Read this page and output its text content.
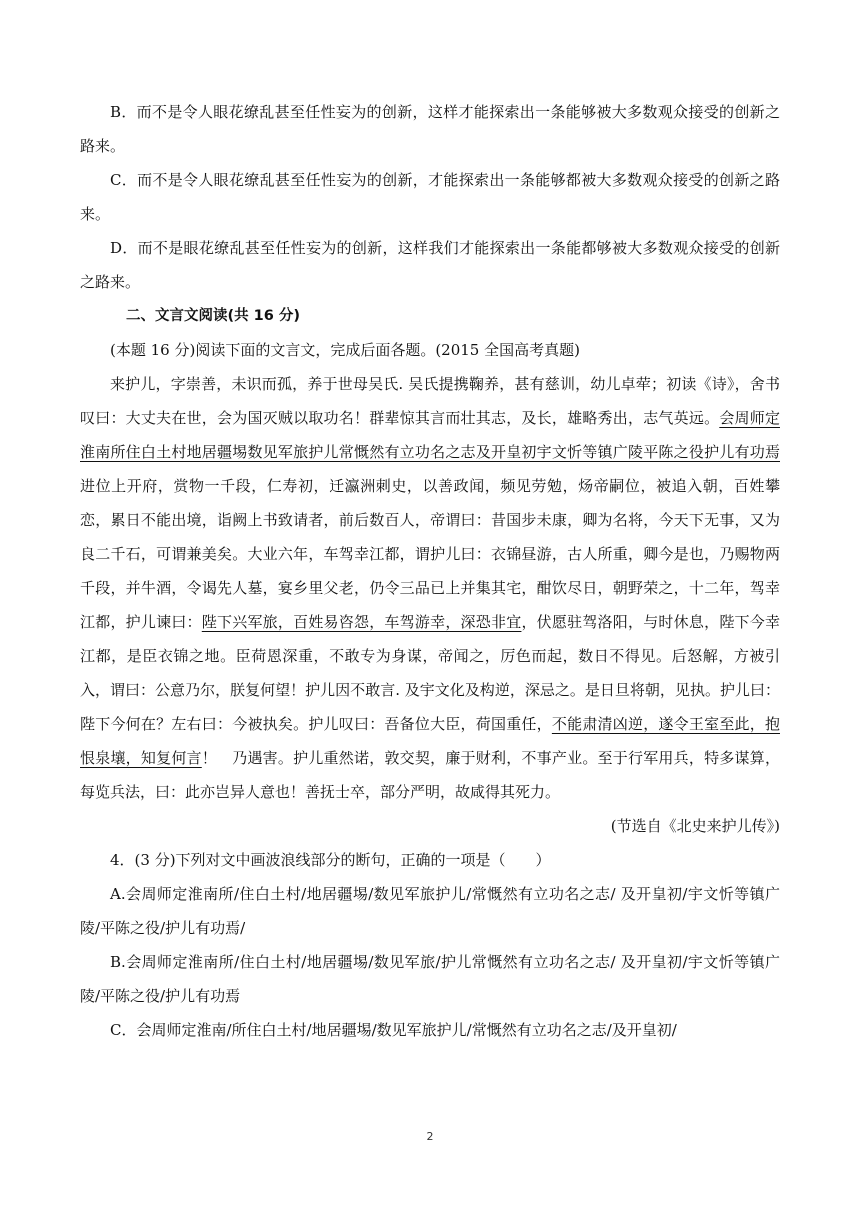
B．而不是令人眼花缭乱甚至任性妄为的创新，这样才能探索出一条能够被大多数观众接受的创新之路来。

C．而不是令人眼花缭乱甚至任性妄为的创新，才能探索出一条能够都被大多数观众接受的创新之路来。

D．而不是眼花缭乱甚至任性妄为的创新，这样我们才能探索出一条能都够被大多数观众接受的创新之路来。

二、文言文阅读(共 16 分)

(本题 16 分)阅读下面的文言文，完成后面各题。(2015 全国高考真题)

来护儿，字崇善，未识而孤，养于世母吴氏. 吴氏提携鞠养，甚有慈训，幼儿卓荦；初读《诗》，舍书叹曰：大丈夫在世，会为国灭贼以取功名！群辈惊其言而壮其志，及长，雄略秀出，志气英远。会周师定淮南所住白土村地居疆埸数见军旅护儿常慨然有立功名之志及开皇初宇文忻等镇广陵平陈之役护儿有功焉进位上开府，赏物一千段，仁寿初，迁瀛洲刺史，以善政闻，频见劳勉，炀帝嗣位，被追入朝，百姓攀恋，累日不能出境，诣阙上书致请者，前后数百人，帝谓曰：昔国步未康，卿为名将，今天下无事，又为良二千石，可谓兼美矣。大业六年，车驾幸江都，谓护儿曰：衣锦昼游，古人所重，卿今是也，乃赐物两千段，并牛酒，令谒先人墓，宴乡里父老，仍令三品已上并集其宅，酣饮尽日，朝野荣之，十二年，驾幸江都，护儿谏曰：陛下兴军旅，百姓易咨怨，车驾游幸，深恐非宜，伏愿驻驾洛阳，与时休息，陛下今幸江都，是臣衣锦之地。臣荷恩深重，不敢专为身谋，帝闻之，厉色而起，数日不得见。后怒解，方被引入，谓曰：公意乃尔，朕复何望！护儿因不敢言. 及宇文化及构逆，深忌之。是日旦将朝，见执。护儿曰：陛下今何在？左右曰：今被执矣。护儿叹曰：吾备位大臣，荷国重任，不能肃清凶逆，遂令王室至此，抱恨泉壤，知复何言！　乃遇害。护儿重然诺，敦交契，廉于财利，不事产业。至于行军用兵，特多谋算，每览兵法，曰：此亦岂异人意也！善抚士卒，部分严明，故咸得其死力。

(节选自《北史来护儿传》)

4．(3 分)下列对文中画波浪线部分的断句，正确的一项是（　　）

A.会周师定淮南所/住白土村/地居疆埸/数见军旅护儿/常慨然有立功名之志/ 及开皇初/宇文忻等镇广陵/平陈之役/护儿有功焉/

B.会周师定淮南所/住白土村/地居疆埸/数见军旅/护儿常慨然有立功名之志/ 及开皇初/宇文忻等镇广陵/平陈之役/护儿有功焉

C．会周师定淮南/所住白土村/地居疆埸/数见军旅护儿/常慨然有立功名之志/及开皇初/

2
